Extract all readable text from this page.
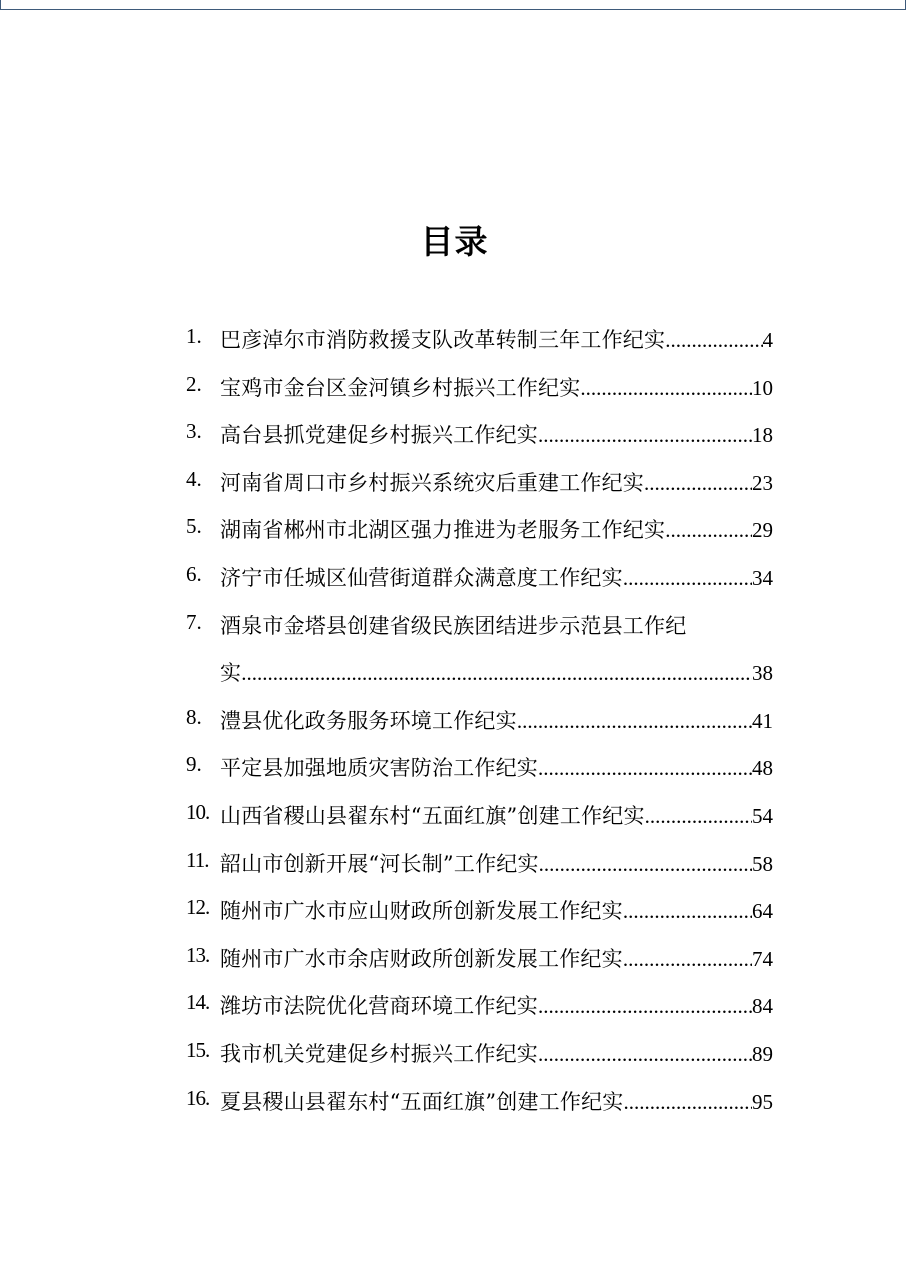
目录
1. 巴彦淖尔市消防救援支队改革转制三年工作纪实 .....	4
2. 宝鸡市金台区金河镇乡村振兴工作纪实 .....	10
3. 高台县抓党建促乡村振兴工作纪实 .....	18
4. 河南省周口市乡村振兴系统灾后重建工作纪实 .....	23
5. 湖南省郴州市北湖区强力推进为老服务工作纪实 .....	29
6. 济宁市任城区仙营街道群众满意度工作纪实 .....	34
7. 酒泉市金塔县创建省级民族团结进步示范县工作纪
实 .....	38
8. 澧县优化政务服务环境工作纪实 .....	41
9. 平定县加强地质灾害防治工作纪实 .....	48
10. 山西省稷山县翟东村“五面红旗”创建工作纪实 .....	54
11. 韶山市创新开展“河长制”工作纪实 .....	58
12. 随州市广水市应山财政所创新发展工作纪实 .....	64
13. 随州市广水市余店财政所创新发展工作纪实 .....	74
14. 潍坊市法院优化营商环境工作纪实 .....	84
15. 我市机关党建促乡村振兴工作纪实 .....	89
16. 夏县稷山县翟东村“五面红旗”创建工作纪实 .....	95
